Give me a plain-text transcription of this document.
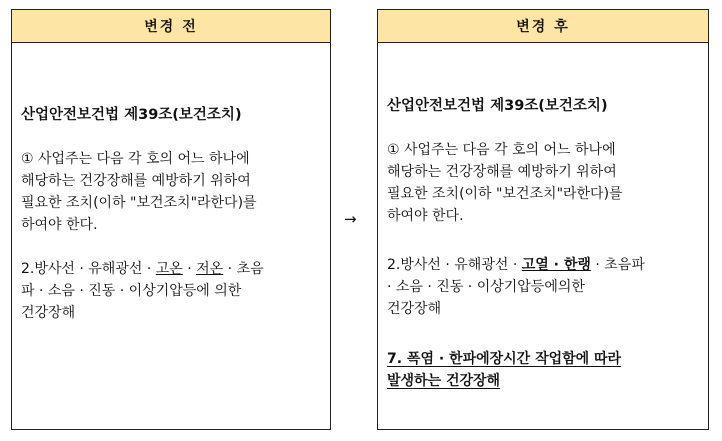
변경 전

산업안전보건법 제39조(보건조치)

① 사업주는 다음 각 호의 어느 하나에
해당하는 건강장해를 예방하기 위하여
필요한 조치(이하 "보건조치"라한다)를
하여야 한다.

2.방사선 · 유해광선 · 고온 · 저온 · 초음
파 · 소음 · 진동 · 이상기압등에 의한
건강장해

→
변경 후

산업안전보건법 제39조(보건조치)

① 사업주는 다음 각 호의 어느 하나에
해당하는 건강장해를 예방하기 위하여
필요한 조치(이하 "보건조치"라한다)를
하여야 한다.

2.방사선 · 유해광선 · 고열 · 한랭 · 초음파
· 소음 · 진동 · 이상기압등에의한
건강장해

7. 폭염 · 한파에장시간 작업함에 따라
발생하는 건강장해
